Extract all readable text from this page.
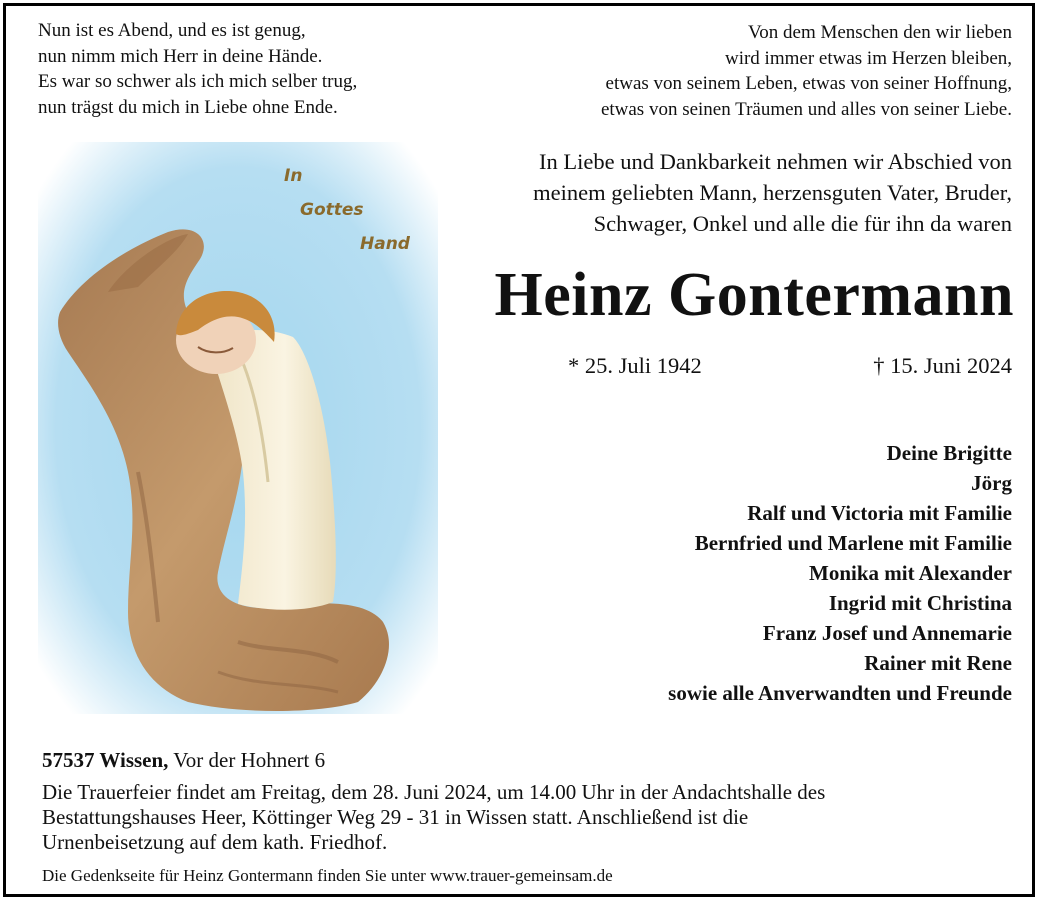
Nun ist es Abend, und es ist genug,
nun nimm mich Herr in deine Hände.
Es war so schwer als ich mich selber trug,
nun trägst du mich in Liebe ohne Ende.
Von dem Menschen den wir lieben
wird immer etwas im Herzen bleiben,
etwas von seinem Leben, etwas von seiner Hoffnung,
etwas von seinen Träumen und alles von seiner Liebe.
In
Gottes
Hand
In Liebe und Dankbarkeit nehmen wir Abschied von
meinem geliebten Mann, herzensguten Vater, Bruder,
Schwager, Onkel und alle die für ihn da waren
Heinz Gontermann
* 25. Juli 1942	† 15. Juni 2024
Deine Brigitte
Jörg
Ralf und Victoria mit Familie
Bernfried und Marlene mit Familie
Monika mit Alexander
Ingrid mit Christina
Franz Josef und Annemarie
Rainer mit Rene
sowie alle Anverwandten und Freunde
57537 Wissen, Vor der Hohnert 6
Die Trauerfeier findet am Freitag, dem 28. Juni 2024, um 14.00 Uhr in der Andachtshalle des
Bestattungshauses Heer, Köttinger Weg 29 - 31 in Wissen statt. Anschließend ist die
Urnenbeisetzung auf dem kath. Friedhof.
Die Gedenkseite für Heinz Gontermann finden Sie unter www.trauer-gemeinsam.de
